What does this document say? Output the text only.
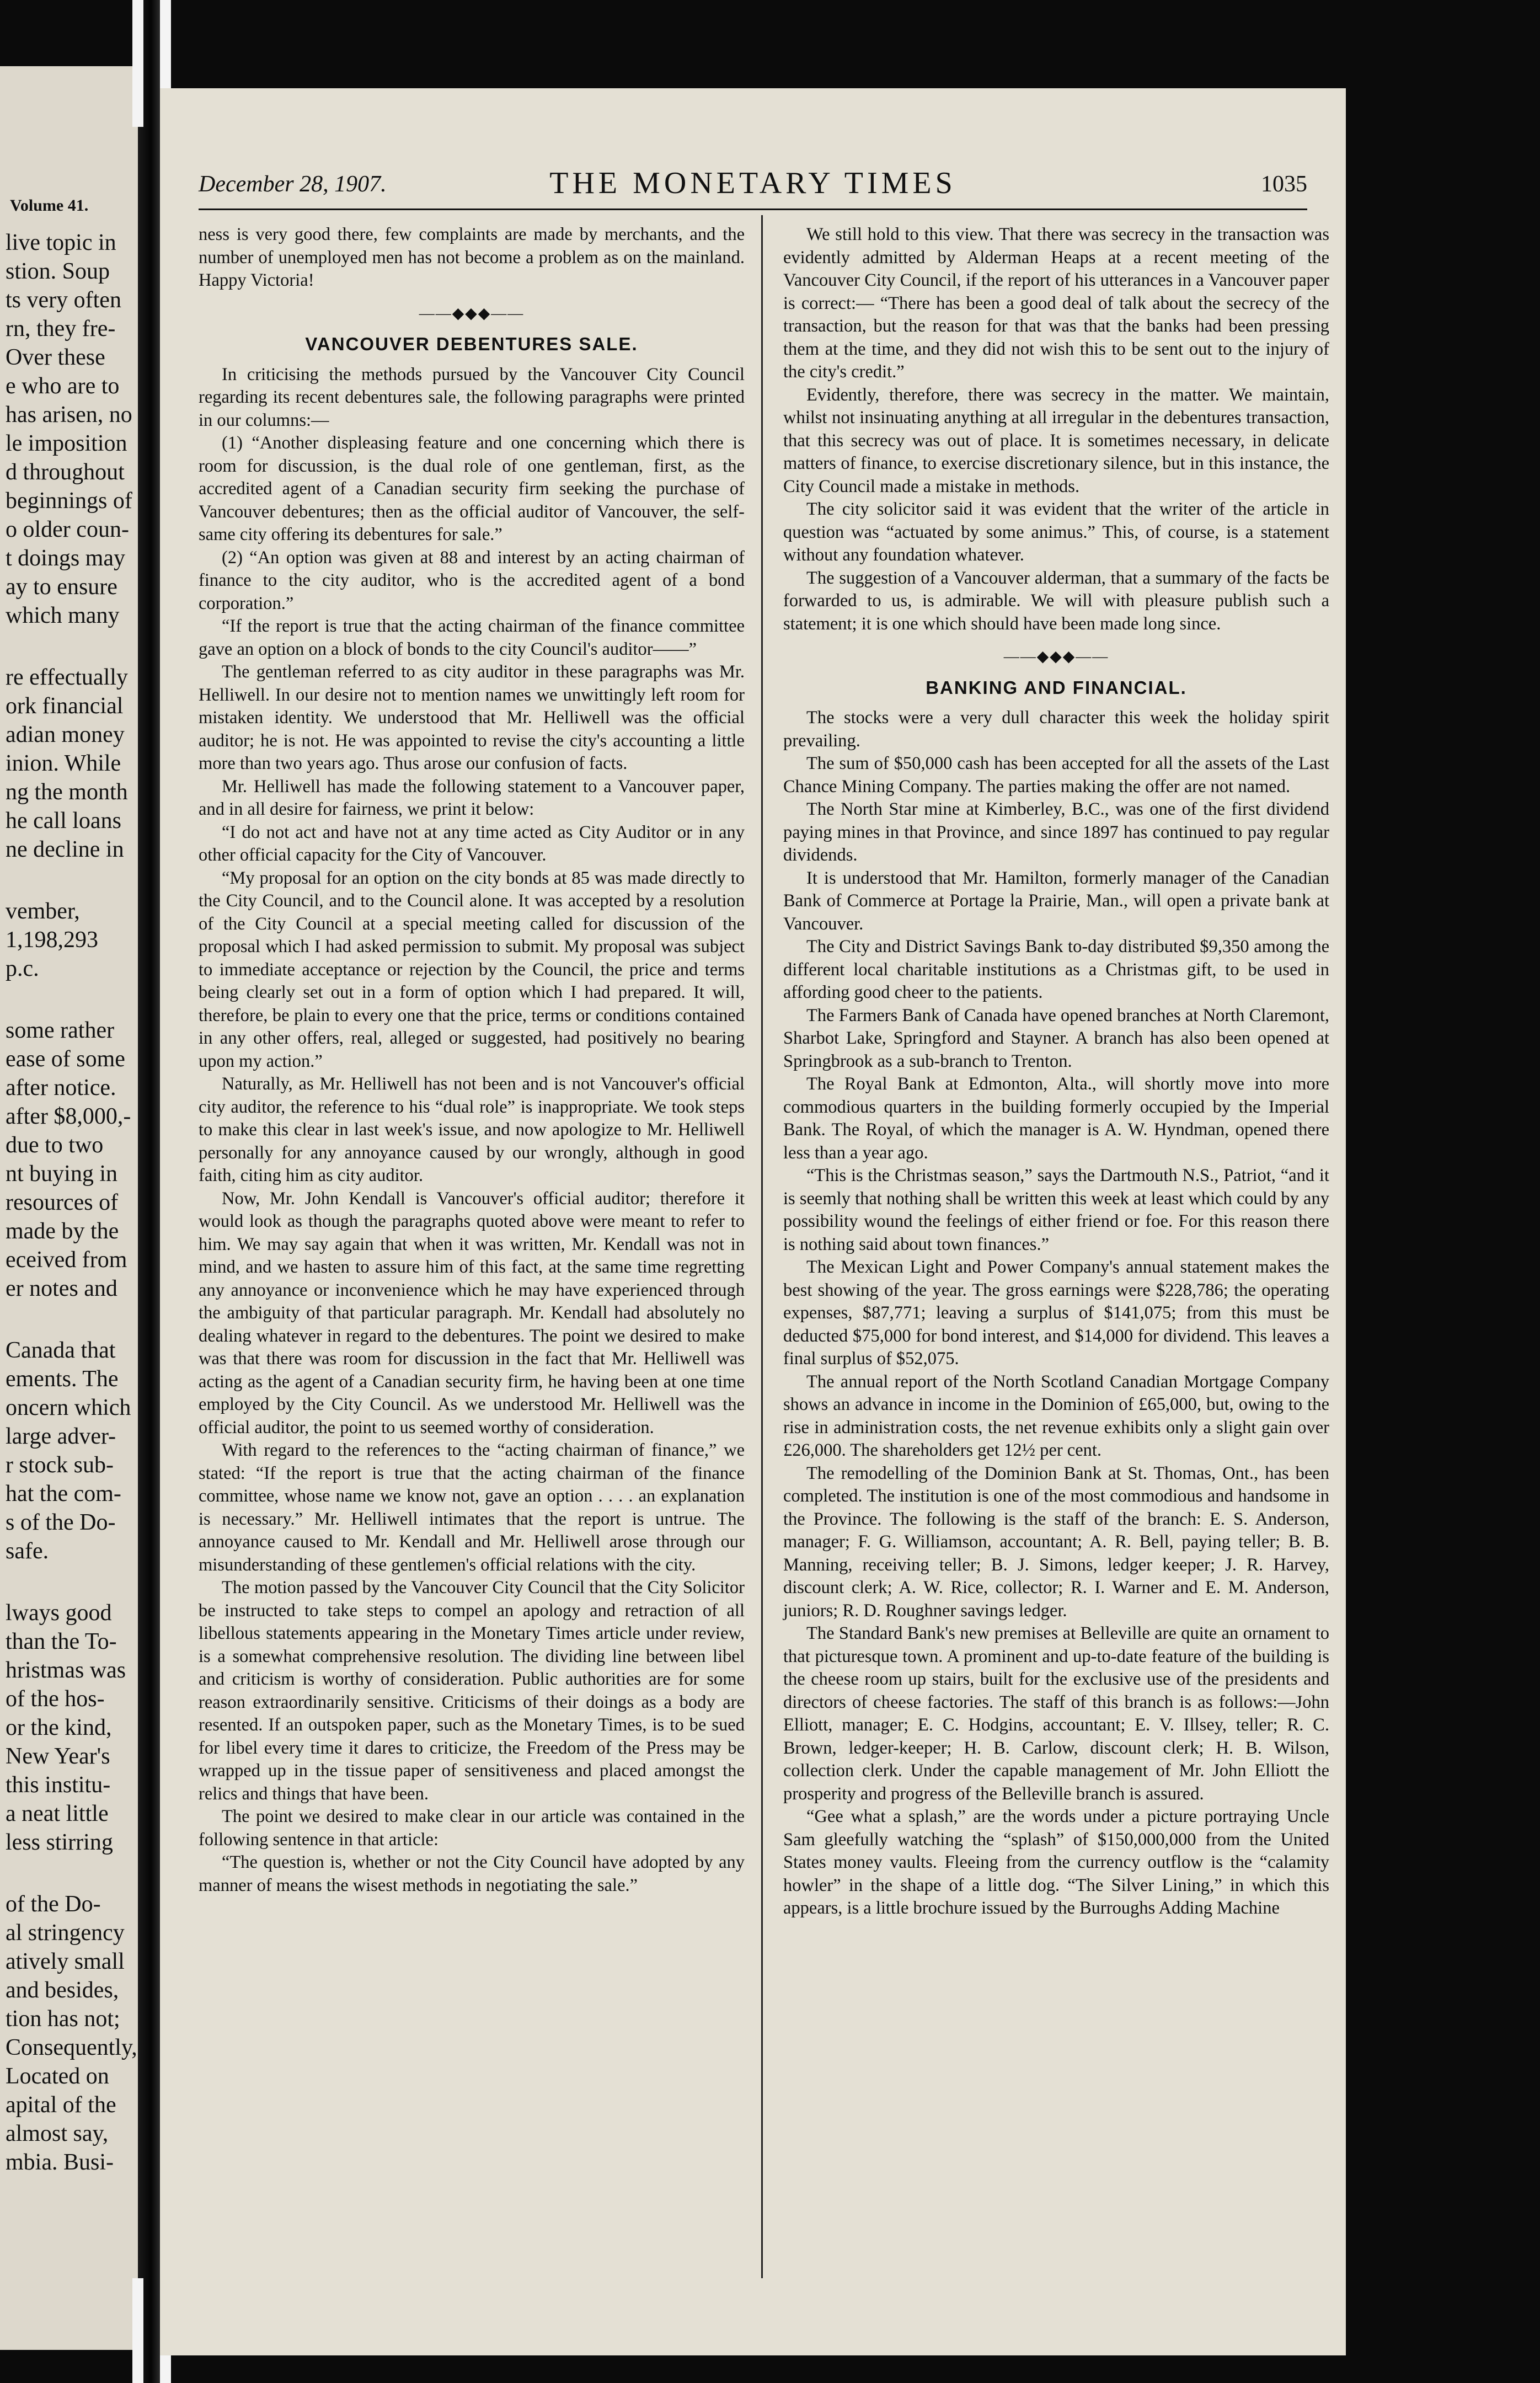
Volume 41.
live topic in
stion. Soup
ts very often
rn, they fre-
Over these
e who are to
has arisen, no
le imposition
d throughout
beginnings of
o older coun-
t doings may
ay to ensure
which many
re effectually
ork financial
adian money
inion. While
ng the month
he call loans
ne decline in
vember,
1,198,293
p.c.
some rather
ease of some
after notice.
after $8,000,-
due to two
nt buying in
resources of
made by the
eceived from
er notes and
Canada that
ements. The
oncern which
large adver-
r stock sub-
hat the com-
s of the Do-
safe.
lways good
than the To-
hristmas was
of the hos-
or the kind,
New Year's
this institu-
a neat little
less stirring
of the Do-
al stringency
atively small
and besides,
tion has not;
Consequently,
Located on
apital of the
almost say,
mbia. Busi-
December 28, 1907.	THE MONETARY TIMES	1035

ness is very good there, few complaints are made by merchants, and the number of unemployed men has not become a problem as on the mainland. Happy Victoria!

——◆◆◆——
VANCOUVER DEBENTURES SALE.

In criticising the methods pursued by the Vancouver City Council regarding its recent debentures sale, the following paragraphs were printed in our columns:—

(1) “Another displeasing feature and one concerning which there is room for discussion, is the dual role of one gentleman, first, as the accredited agent of a Canadian security firm seeking the purchase of Vancouver debentures; then as the official auditor of Vancouver, the self-same city offering its debentures for sale.”

(2) “An option was given at 88 and interest by an acting chairman of finance to the city auditor, who is the accredited agent of a bond corporation.”

“If the report is true that the acting chairman of the finance committee gave an option on a block of bonds to the city Council's auditor——”

The gentleman referred to as city auditor in these paragraphs was Mr. Helliwell. In our desire not to mention names we unwittingly left room for mistaken identity. We understood that Mr. Helliwell was the official auditor; he is not. He was appointed to revise the city's accounting a little more than two years ago. Thus arose our confusion of facts.

Mr. Helliwell has made the following statement to a Vancouver paper, and in all desire for fairness, we print it below:

“I do not act and have not at any time acted as City Auditor or in any other official capacity for the City of Vancouver.

“My proposal for an option on the city bonds at 85 was made directly to the City Council, and to the Council alone. It was accepted by a resolution of the City Council at a special meeting called for discussion of the proposal which I had asked permission to submit. My proposal was subject to immediate acceptance or rejection by the Council, the price and terms being clearly set out in a form of option which I had prepared. It will, therefore, be plain to every one that the price, terms or conditions contained in any other offers, real, alleged or suggested, had positively no bearing upon my action.”

Naturally, as Mr. Helliwell has not been and is not Vancouver's official city auditor, the reference to his “dual role” is inappropriate. We took steps to make this clear in last week's issue, and now apologize to Mr. Helliwell personally for any annoyance caused by our wrongly, although in good faith, citing him as city auditor.

Now, Mr. John Kendall is Vancouver's official auditor; therefore it would look as though the paragraphs quoted above were meant to refer to him. We may say again that when it was written, Mr. Kendall was not in mind, and we hasten to assure him of this fact, at the same time regretting any annoyance or inconvenience which he may have experienced through the ambiguity of that particular paragraph. Mr. Kendall had absolutely no dealing whatever in regard to the debentures. The point we desired to make was that there was room for discussion in the fact that Mr. Helliwell was acting as the agent of a Canadian security firm, he having been at one time employed by the City Council. As we understood Mr. Helliwell was the official auditor, the point to us seemed worthy of consideration.

With regard to the references to the “acting chairman of finance,” we stated: “If the report is true that the acting chairman of the finance committee, whose name we know not, gave an option . . . . an explanation is necessary.” Mr. Helliwell intimates that the report is untrue. The annoyance caused to Mr. Kendall and Mr. Helliwell arose through our misunderstanding of these gentlemen's official relations with the city.

The motion passed by the Vancouver City Council that the City Solicitor be instructed to take steps to compel an apology and retraction of all libellous statements appearing in the Monetary Times article under review, is a somewhat comprehensive resolution. The dividing line between libel and criticism is worthy of consideration. Public authorities are for some reason extraordinarily sensitive. Criticisms of their doings as a body are resented. If an outspoken paper, such as the Monetary Times, is to be sued for libel every time it dares to criticize, the Freedom of the Press may be wrapped up in the tissue paper of sensitiveness and placed amongst the relics and things that have been.

The point we desired to make clear in our article was contained in the following sentence in that article:

“The question is, whether or not the City Council have adopted by any manner of means the wisest methods in negotiating the sale.”

We still hold to this view. That there was secrecy in the transaction was evidently admitted by Alderman Heaps at a recent meeting of the Vancouver City Council, if the report of his utterances in a Vancouver paper is correct:— “There has been a good deal of talk about the secrecy of the transaction, but the reason for that was that the banks had been pressing them at the time, and they did not wish this to be sent out to the injury of the city's credit.”

Evidently, therefore, there was secrecy in the matter. We maintain, whilst not insinuating anything at all irregular in the debentures transaction, that this secrecy was out of place. It is sometimes necessary, in delicate matters of finance, to exercise discretionary silence, but in this instance, the City Council made a mistake in methods.

The city solicitor said it was evident that the writer of the article in question was “actuated by some animus.” This, of course, is a statement without any foundation whatever.

The suggestion of a Vancouver alderman, that a summary of the facts be forwarded to us, is admirable. We will with pleasure publish such a statement; it is one which should have been made long since.

——◆◆◆——
BANKING AND FINANCIAL.

The stocks were a very dull character this week the holiday spirit prevailing.

The sum of $50,000 cash has been accepted for all the assets of the Last Chance Mining Company. The parties making the offer are not named.

The North Star mine at Kimberley, B.C., was one of the first dividend paying mines in that Province, and since 1897 has continued to pay regular dividends.

It is understood that Mr. Hamilton, formerly manager of the Canadian Bank of Commerce at Portage la Prairie, Man., will open a private bank at Vancouver.

The City and District Savings Bank to-day distributed $9,350 among the different local charitable institutions as a Christmas gift, to be used in affording good cheer to the patients.

The Farmers Bank of Canada have opened branches at North Claremont, Sharbot Lake, Springford and Stayner. A branch has also been opened at Springbrook as a sub-branch to Trenton.

The Royal Bank at Edmonton, Alta., will shortly move into more commodious quarters in the building formerly occupied by the Imperial Bank. The Royal, of which the manager is A. W. Hyndman, opened there less than a year ago.

“This is the Christmas season,” says the Dartmouth N.S., Patriot, “and it is seemly that nothing shall be written this week at least which could by any possibility wound the feelings of either friend or foe. For this reason there is nothing said about town finances.”

The Mexican Light and Power Company's annual statement makes the best showing of the year. The gross earnings were $228,786; the operating expenses, $87,771; leaving a surplus of $141,075; from this must be deducted $75,000 for bond interest, and $14,000 for dividend. This leaves a final surplus of $52,075.

The annual report of the North Scotland Canadian Mortgage Company shows an advance in income in the Dominion of £65,000, but, owing to the rise in administration costs, the net revenue exhibits only a slight gain over £26,000. The shareholders get 12½ per cent.

The remodelling of the Dominion Bank at St. Thomas, Ont., has been completed. The institution is one of the most commodious and handsome in the Province. The following is the staff of the branch: E. S. Anderson, manager; F. G. Williamson, accountant; A. R. Bell, paying teller; B. B. Manning, receiving teller; B. J. Simons, ledger keeper; J. R. Harvey, discount clerk; A. W. Rice, collector; R. I. Warner and E. M. Anderson, juniors; R. D. Roughner savings ledger.

The Standard Bank's new premises at Belleville are quite an ornament to that picturesque town. A prominent and up-to-date feature of the building is the cheese room up stairs, built for the exclusive use of the presidents and directors of cheese factories. The staff of this branch is as follows:—John Elliott, manager; E. C. Hodgins, accountant; E. V. Illsey, teller; R. C. Brown, ledger-keeper; H. B. Carlow, discount clerk; H. B. Wilson, collection clerk. Under the capable management of Mr. John Elliott the prosperity and progress of the Belleville branch is assured.

“Gee what a splash,” are the words under a picture portraying Uncle Sam gleefully watching the “splash” of $150,000,000 from the United States money vaults. Fleeing from the currency outflow is the “calamity howler” in the shape of a little dog. “The Silver Lining,” in which this appears, is a little brochure issued by the Burroughs Adding Machine
